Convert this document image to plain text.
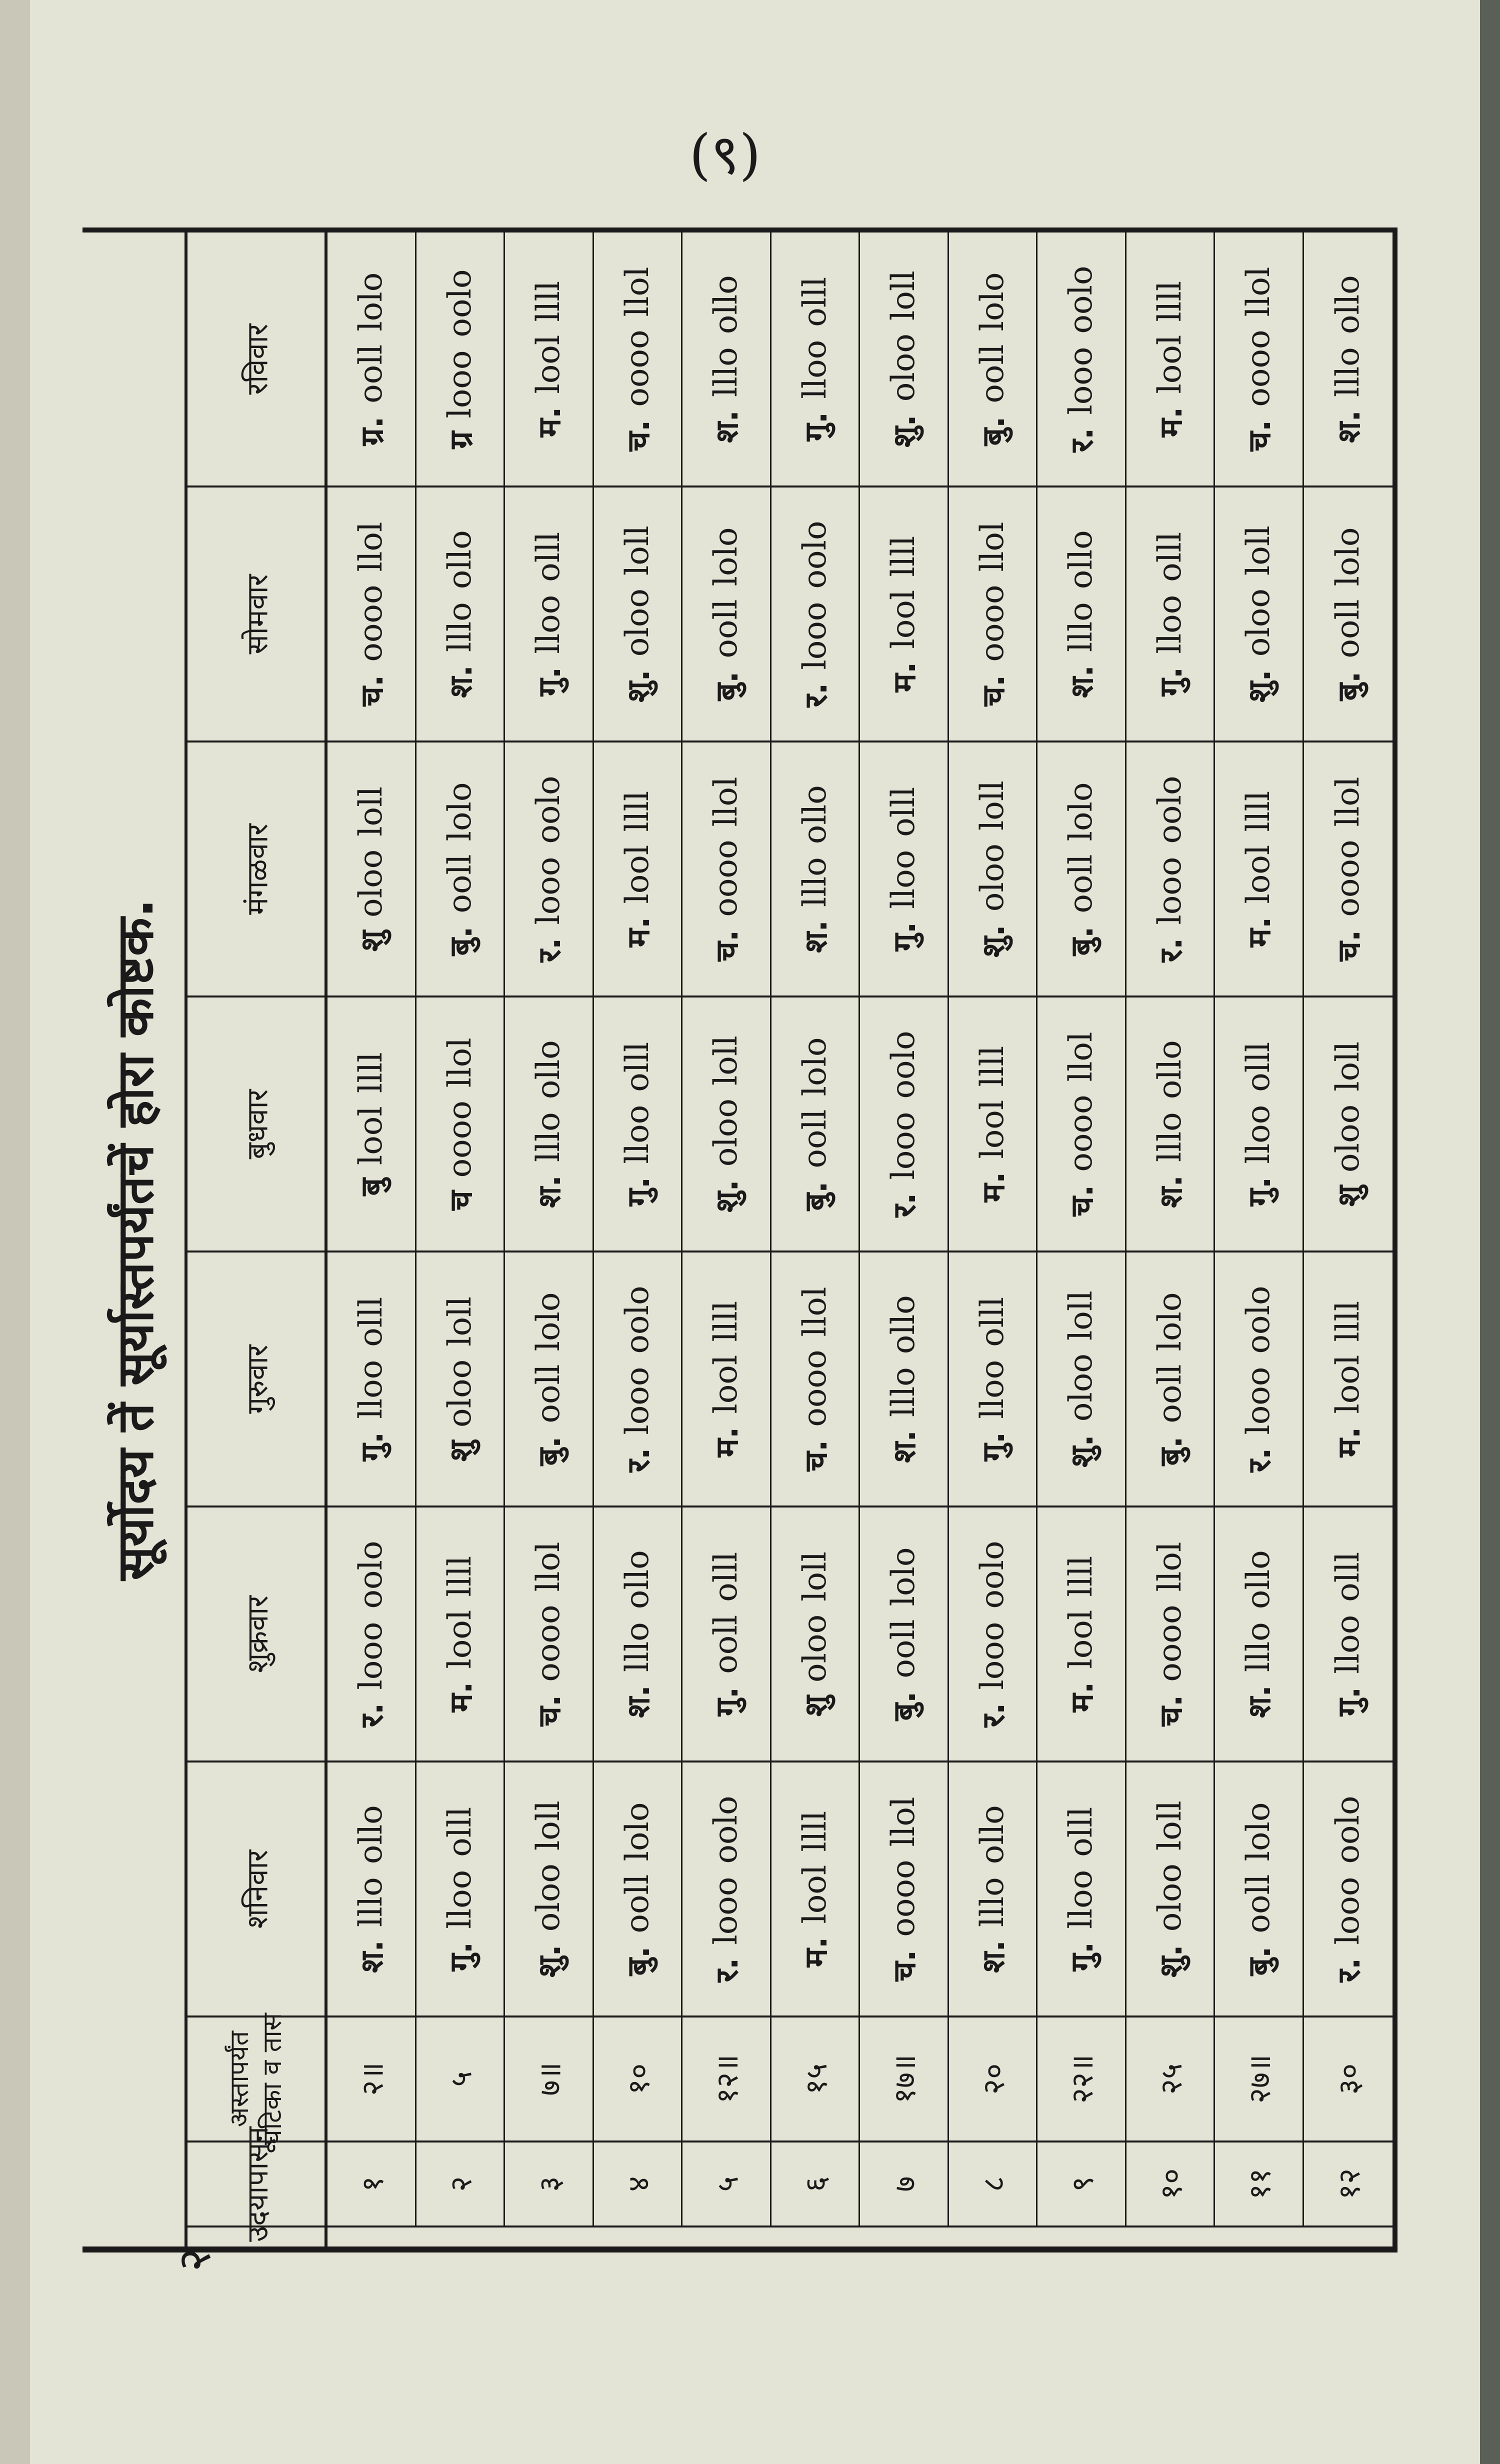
(९)
सूर्योदय तें सूर्यास्तपर्यंतचें होरा कोष्टक.
रविवार
सोमवार
मंगळवार
बुधवार
गुरुवार
शुक्रवार
शनिवार
अस्तापर्यंत
घटिका व तास
उदयापासून
ग्र.
ooll
lolo
ग्र
looo
oolo
म.
lool
llll
च.
oooo
llol
श.
lllo
ollo
गु.
lloo
olll
शु.
oloo
loll
बु.
ooll
lolo
र.
looo
oolo
म.
lool
llll
च.
oooo
llol
श.
lllo
ollo
च.
oooo
llol
श.
lllo
ollo
गु.
lloo
olll
शु.
oloo
loll
बु.
ooll
lolo
र.
looo
oolo
म.
lool
llll
च.
oooo
llol
श.
lllo
ollo
गु.
lloo
olll
शु.
oloo
loll
बु.
ooll
lolo
शु
oloo
loll
बु.
ooll
lolo
र.
looo
oolo
म.
lool
llll
च.
oooo
llol
श.
lllo
ollo
गु.
lloo
olll
शु.
oloo
loll
बु.
ooll
lolo
र.
looo
oolo
म.
lool
llll
च.
oooo
llol
बु
lool
llll
च
oooo
llol
श.
lllo
ollo
गु.
lloo
olll
शु.
oloo
loll
बु.
ooll
lolo
र.
looo
oolo
म.
lool
llll
च.
oooo
llol
श.
lllo
ollo
गु.
lloo
olll
शु
oloo
loll
गु.
lloo
olll
शु
oloo
loll
बु.
ooll
lolo
र.
looo
oolo
म.
lool
llll
च.
oooo
llol
श.
lllo
ollo
गु.
lloo
olll
शु.
oloo
loll
बु.
ooll
lolo
र.
looo
oolo
म.
lool
llll
र.
looo
oolo
म.
lool
llll
च.
oooo
llol
श.
lllo
ollo
गु.
ooll
olll
शु
oloo
loll
बु.
ooll
lolo
र.
looo
oolo
म.
lool
llll
च.
oooo
llol
श.
lllo
ollo
गु.
lloo
olll
श.
lllo
ollo
गु.
lloo
olll
शु.
oloo
loll
बु.
ooll
lolo
र.
looo
oolo
म.
lool
llll
च.
oooo
llol
श.
lllo
ollo
गु.
lloo
olll
शु.
oloo
loll
बु.
ooll
lolo
र.
looo
oolo
२॥ ५ ७॥ १० १२॥ १५ १७॥ २० २२॥ २५ २७॥ ३०
१ २ ३ ४ ५ ६ ७ ८ ९ १० ११ १२
२
